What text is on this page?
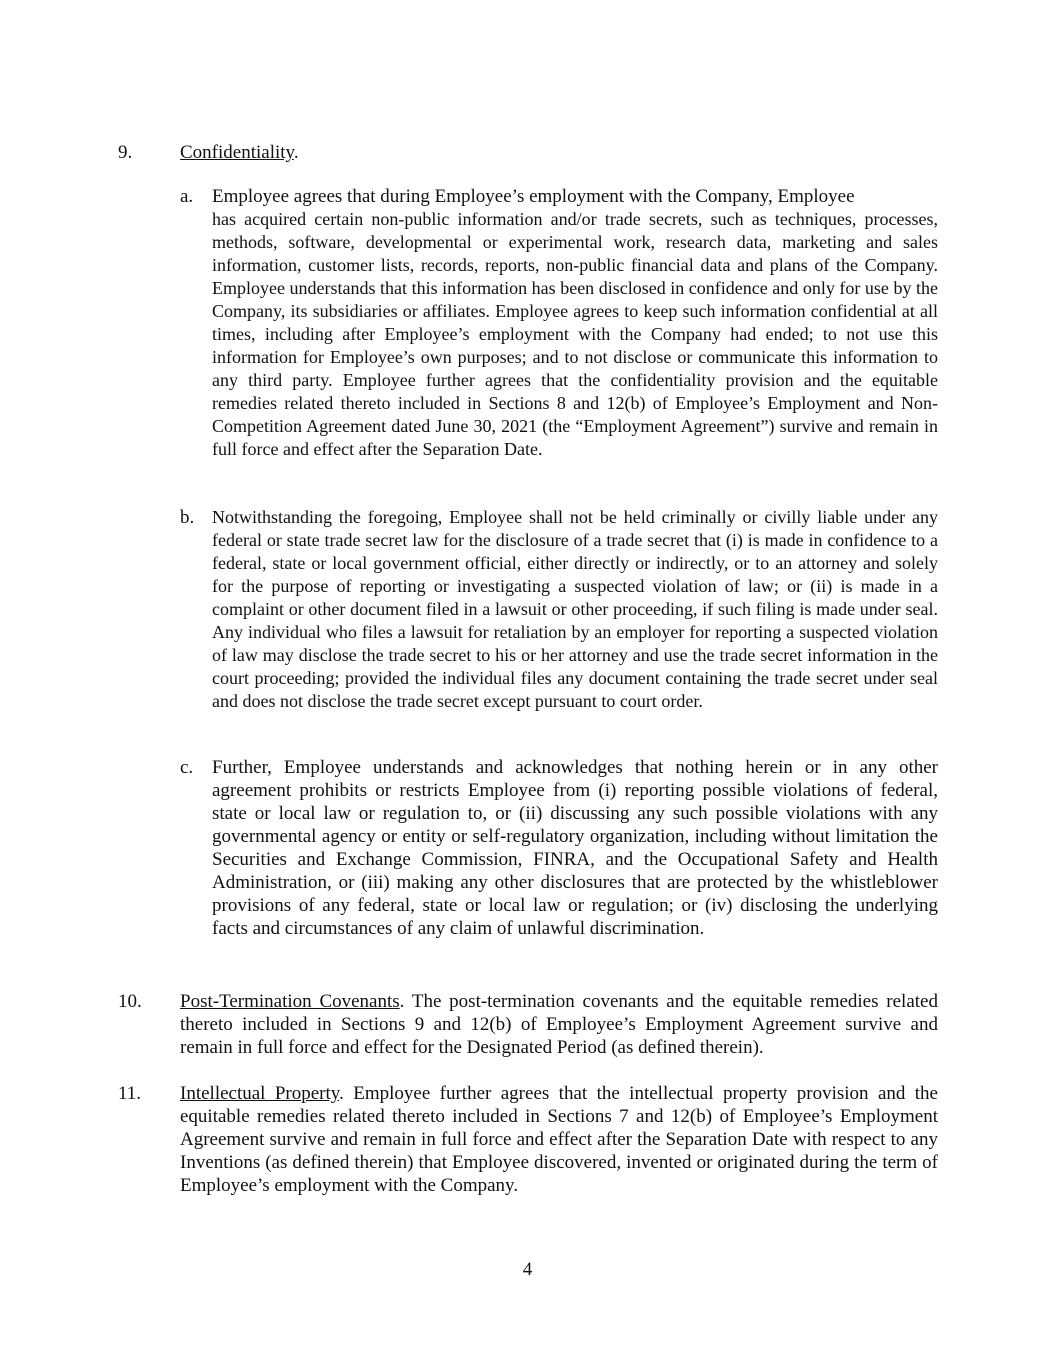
9.	Confidentiality.
a. Employee agrees that during Employee’s employment with the Company, Employee
has acquired certain non-public information and/or trade secrets, such as techniques, processes, methods, software, developmental or experimental work, research data, marketing and sales information, customer lists, records, reports, non-public financial data and plans of the Company. Employee understands that this information has been disclosed in confidence and only for use by the Company, its subsidiaries or affiliates. Employee agrees to keep such information confidential at all times, including after Employee’s employment with the Company had ended; to not use this information for Employee’s own purposes; and to not disclose or communicate this information to any third party. Employee further agrees that the confidentiality provision and the equitable remedies related thereto included in Sections 8 and 12(b) of Employee’s Employment and Non-Competition Agreement dated June 30, 2021 (the “Employment Agreement”) survive and remain in full force and effect after the Separation Date.
b. Notwithstanding the foregoing, Employee shall not be held criminally or civilly liable under any federal or state trade secret law for the disclosure of a trade secret that (i) is made in confidence to a federal, state or local government official, either directly or indirectly, or to an attorney and solely for the purpose of reporting or investigating a suspected violation of law; or (ii) is made in a complaint or other document filed in a lawsuit or other proceeding, if such filing is made under seal. Any individual who files a lawsuit for retaliation by an employer for reporting a suspected violation of law may disclose the trade secret to his or her attorney and use the trade secret information in the court proceeding; provided the individual files any document containing the trade secret under seal and does not disclose the trade secret except pursuant to court order.
c. Further, Employee understands and acknowledges that nothing herein or in any other agreement prohibits or restricts Employee from (i) reporting possible violations of federal, state or local law or regulation to, or (ii) discussing any such possible violations with any governmental agency or entity or self-regulatory organization, including without limitation the Securities and Exchange Commission, FINRA, and the Occupational Safety and Health Administration, or (iii) making any other disclosures that are protected by the whistleblower provisions of any federal, state or local law or regulation; or (iv) disclosing the underlying facts and circumstances of any claim of unlawful discrimination.
10. Post-Termination Covenants. The post-termination covenants and the equitable remedies related thereto included in Sections 9 and 12(b) of Employee’s Employment Agreement survive and remain in full force and effect for the Designated Period (as defined therein).
11. Intellectual Property. Employee further agrees that the intellectual property provision and the equitable remedies related thereto included in Sections 7 and 12(b) of Employee’s Employment Agreement survive and remain in full force and effect after the Separation Date with respect to any Inventions (as defined therein) that Employee discovered, invented or originated during the term of Employee’s employment with the Company.
4
